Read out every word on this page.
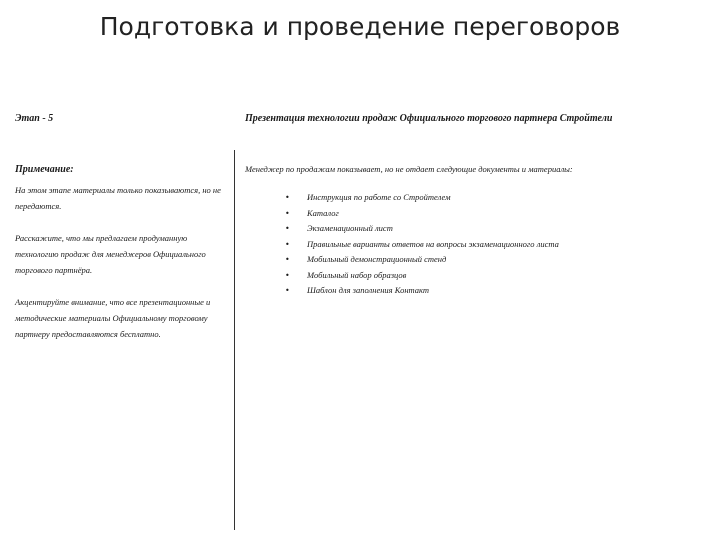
Подготовка и проведение переговоров
Этап - 5
Примечание:

На этом этапе материалы только показываются, но не передаются.

Расскажите, что мы предлагаем продуманную технологию продаж для менеджеров Официального торгового партнёра.

Акцентируйте внимание, что все презентационные и методические материалы Официальному торговому партнеру предоставляются бесплатно.

Презентация технологии продаж Официального торгового партнера Стройтели
Менеджер по продажам показывает, но не отдает следующие документы и материалы:
• Инструкция по работе со Стройтелем
• Каталог
• Экзаменационный лист
• Правильные варианты ответов на вопросы экзаменационного листа
• Мобильный демонстрационный стенд
• Мобильный набор образцов
• Шаблон для заполнения Контакт
